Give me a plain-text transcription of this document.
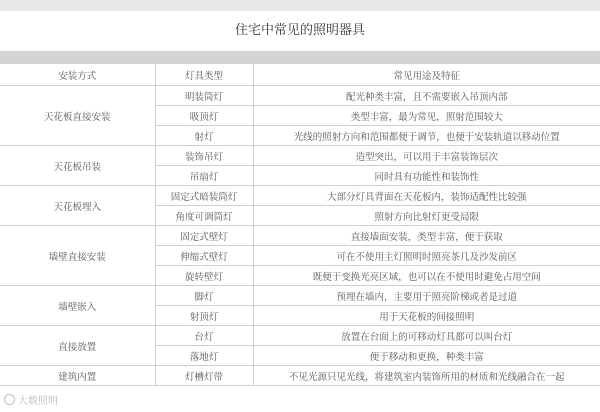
住宅中常见的照明器具
安装方式	灯具类型	常见用途及特征
天花板直接安装	明装筒灯	配光种类丰富，且不需要嵌入吊顶内部
	吸顶灯	类型丰富，最为常见，照射范围较大
	射灯	光线的照射方向和范围都便于调节，也便于安装轨道以移动位置
天花板吊装	装饰吊灯	造型突出，可以用于丰富装饰层次
	吊扇灯	同时具有功能性和装饰性
天花板埋入	固定式暗装筒灯	大部分灯具背面在天花板内，装饰适配性比较强
	角度可调筒灯	照射方向比射灯更受局限
墙壁直接安装	固定式壁灯	直接墙面安装，类型丰富，便于获取
	伸缩式壁灯	可在不使用主灯照明时照亮茶几及沙发前区
	旋转壁灯	既便于变换光亮区域，也可以在不使用时避免占用空间
墙壁嵌入	脚灯	预埋在墙内，主要用于照亮阶梯或者是过道
	射顶灯	用于天花板的间接照明
直接放置	台灯	放置在台面上的可移动灯具都可以叫台灯
	落地灯	便于移动和更换，种类丰富
建筑内置	灯槽灯带	不见光源只见光线，将建筑室内装饰所用的材质和光线融合在一起
大数照明
